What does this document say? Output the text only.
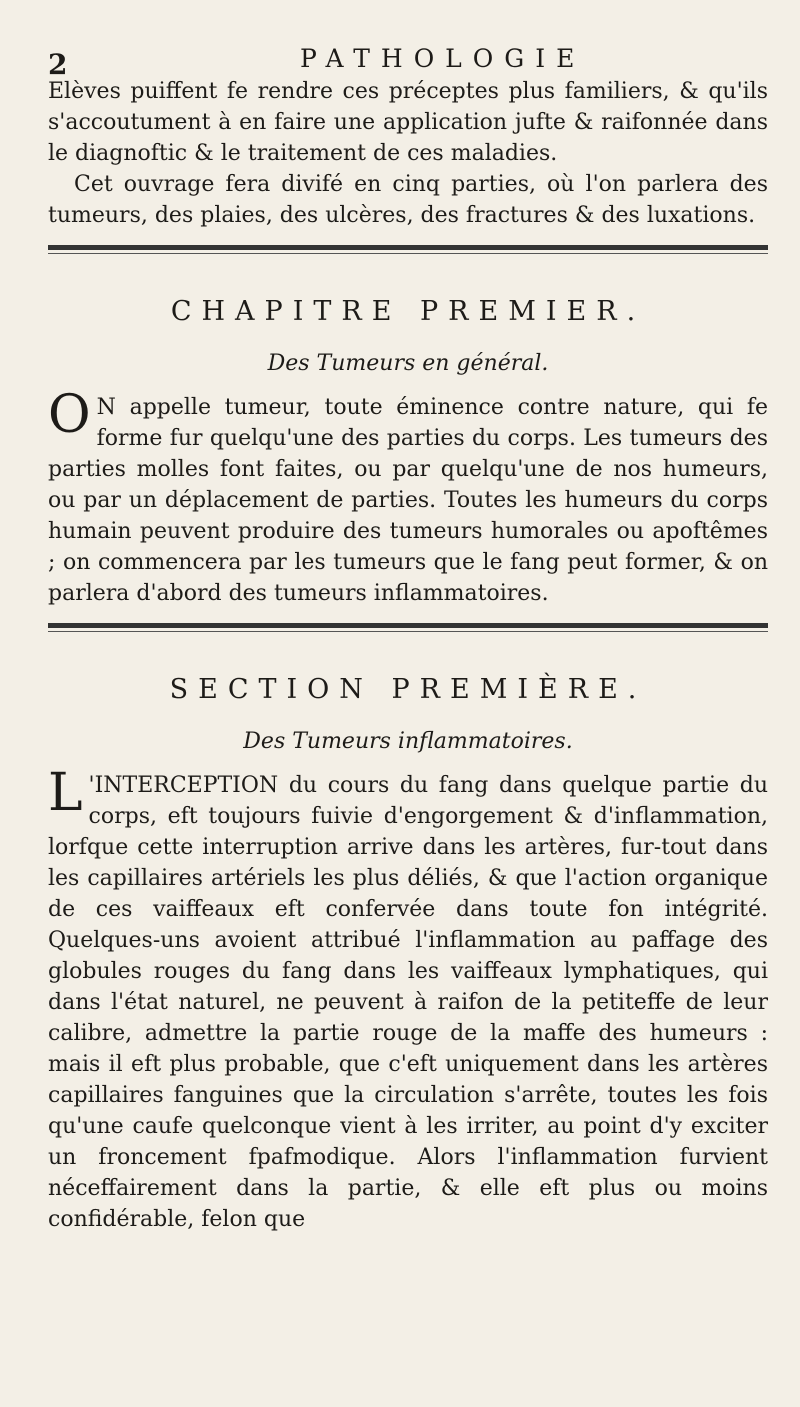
2	PATHOLOGIE

Elèves puiffent fe rendre ces préceptes plus familiers, & qu'ils s'accoutument à en faire une application jufte & raifonnée dans le diagnoftic & le traitement de ces maladies.

Cet ouvrage fera divifé en cinq parties, où l'on parlera des tumeurs, des plaies, des ulcères, des fractures & des luxations.

CHAPITRE PREMIER.
Des Tumeurs en général.

O N appelle tumeur, toute éminence contre nature, qui fe forme fur quelqu'une des parties du corps. Les tumeurs des parties molles font faites, ou par quelqu'une de nos humeurs, ou par un déplacement de parties. Toutes les humeurs du corps humain peuvent produire des tumeurs humorales ou apoftêmes ; on commencera par les tumeurs que le fang peut former, & on parlera d'abord des tumeurs inflammatoires.

SECTION PREMIÈRE.
Des Tumeurs inflammatoires.

L 'INTERCEPTION du cours du fang dans quelque partie du corps, eft toujours fuivie d'engorgement & d'inflammation, lorfque cette interruption arrive dans les artères, fur-tout dans les capillaires artériels les plus déliés, & que l'action organique de ces vaiffeaux eft confervée dans toute fon intégrité. Quelques-uns avoient attribué l'inflammation au paffage des globules rouges du fang dans les vaiffeaux lymphatiques, qui dans l'état naturel, ne peuvent à raifon de la petiteffe de leur calibre, admettre la partie rouge de la maffe des humeurs : mais il eft plus probable, que c'eft uniquement dans les artères capillaires fanguines que la circulation s'arrête, toutes les fois qu'une caufe quelconque vient à les irriter, au point d'y exciter un froncement fpafmodique. Alors l'inflammation furvient néceffairement dans la partie, & elle eft plus ou moins confidérable, felon que
